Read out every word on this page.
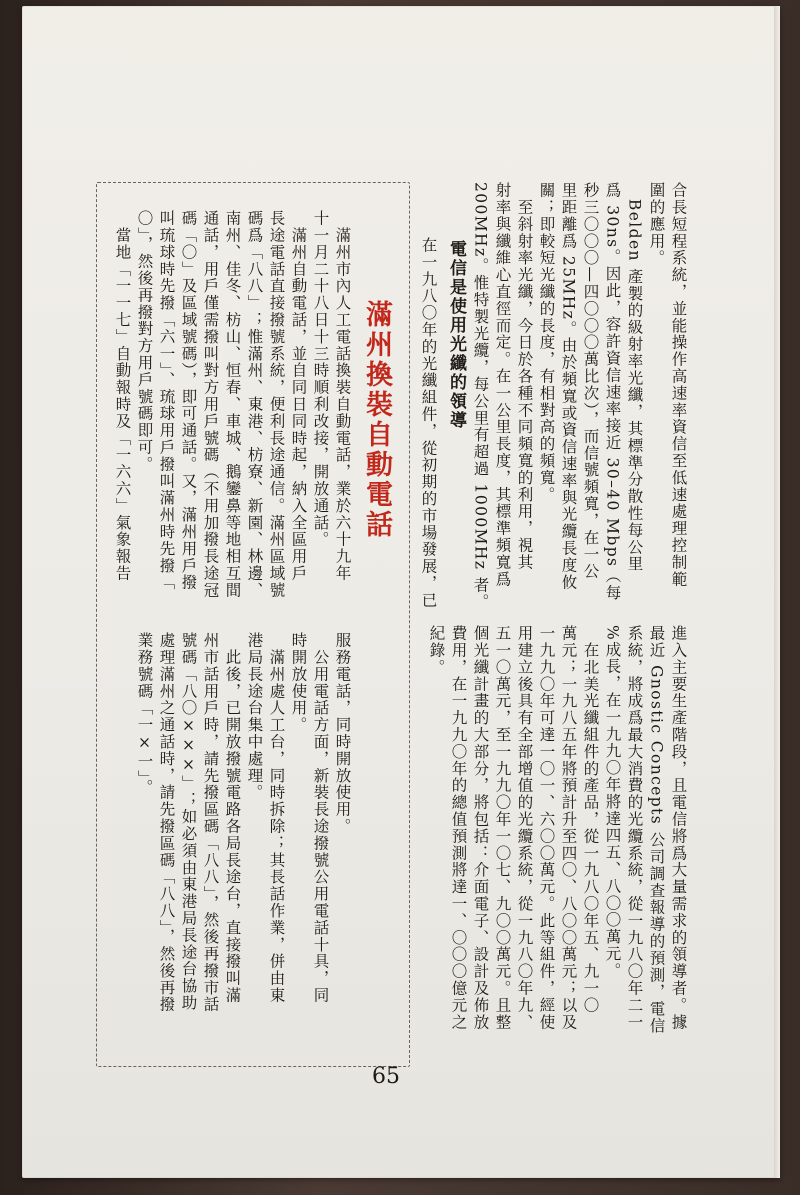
合長短程系統，並能操作高速率資信至低速處理控制範
圍的應用。
　Belden 產製的級射率光纖，其標準分散性每公里
爲 30ns。因此，容許資信速率接近 30–40 Mbps（每
秒三〇〇〇—四〇〇〇萬比次），而信號頻寬，在一公
里距離爲 25MHz。由於頻寬或資信速率與光纜長度攸
關；即較短光纖的長度，有相對高的頻寬。
　至斜射率光纖，今日於各種不同頻寬的利用，視其
射率與纖維心直徑而定。在一公里長度，其標準頻寬爲
200MHz。惟特製光纜，每公里有超過 1000MHz 者。
電信是使用光纖的領導
　在一九八〇年的光纖組件，從初期的市場發展，已
進入主要生產階段，且電信將爲大量需求的領導者。據
最近 Gnostic Concepts 公司調查報導的預測，電信
系統，將成爲最大消費的光纜系統，從一九八〇年二一
%成長，在一九九〇年將達四五、八〇〇萬元。
　在北美光纖組件的產品，從一九八〇年五、九一〇
萬元；一九八五年將預計升至四〇、八〇〇萬元；以及
一九九〇年可達一〇一、六〇〇萬元。此等組件，經使
用建立後具有全部增值的光纜系統，從一九八〇年九、
五一〇萬元，至一九九〇年一〇七、九〇〇萬元。且整
個光纖計畫的大部分，將包括：介面電子、設計及佈放
費用，在一九九〇年的總值預測將達一、〇〇〇億元之
紀錄。
滿州換裝自動電話
　滿州市內人工電話換裝自動電話，業於六十九年
十一月二十八日十三時順利改接，開放通話。
　滿州自動電話，並自同日同時起，納入全區用戶
長途電話直接撥號系統，便利長途通信。滿州區域號
碼爲「八八」；惟滿州、東港、枋寮、新園、林邊、
南州、佳冬、枋山、恒春、車城、鵝鑾鼻等地相互間
通話，用戶僅需撥叫對方用戶號碼（不用加撥長途冠
碼「〇」及區域號碼），即可通話。又，滿州用戶撥
叫琉球時先撥「六一」、琉球用戶撥叫滿州時先撥「
〇」，然後再撥對方用戶號碼即可。
　當地「一一七」自動報時及「一六六」氣象報告
服務電話，同時開放使用。
　公用電話方面，新裝長途撥號公用電話十具，同
時開放使用。
　滿州處人工台，同時拆除；其長話作業，併由東
港局長途台集中處理。
　此後，已開放撥號電路各局長途台，直接撥叫滿
州市話用戶時，請先撥區碼「八八」，然後再撥市話
號碼「八〇×××」；如必須由東港局長途台協助
處理滿州之通話時，請先撥區碼「八八」，然後再撥
業務號碼「一×一」。
65
